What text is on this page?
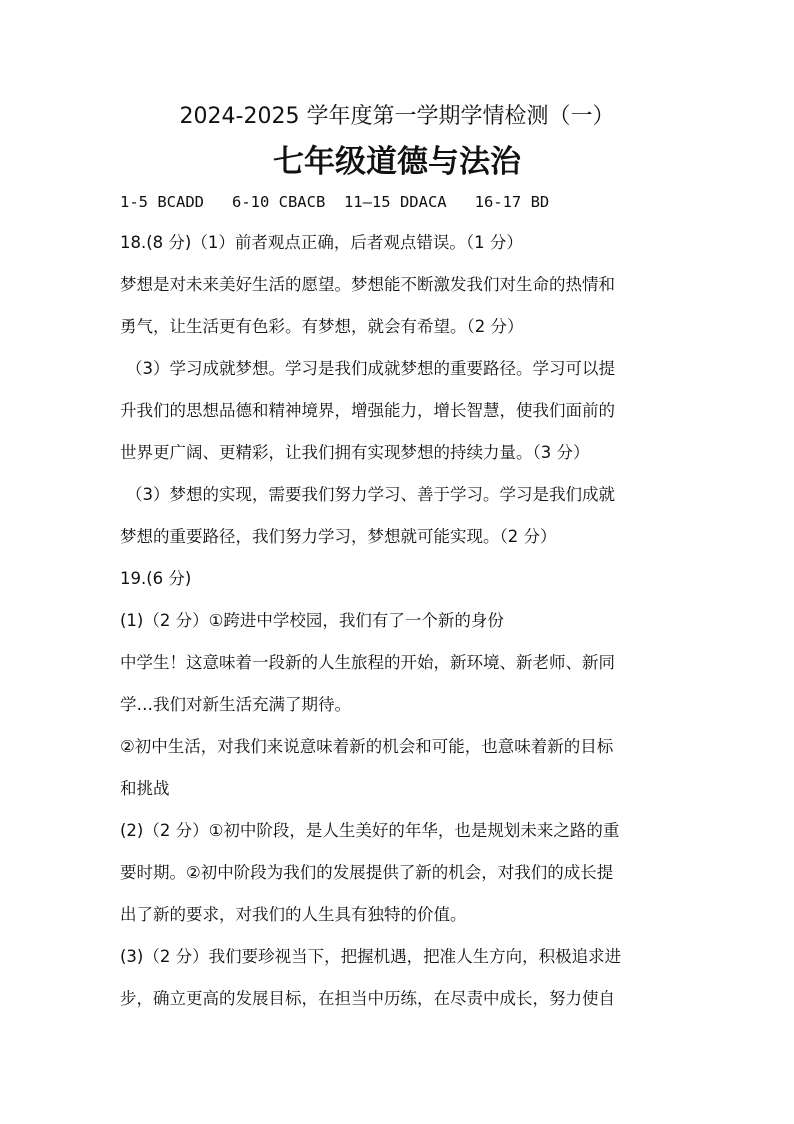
2024-2025 学年度第一学期学情检测（一）
七年级道德与法治
1-5 BCADD   6-10 CBACB  11—15 DDACA   16-17 BD
18.(8 分)（1）前者观点正确，后者观点错误。（1 分）
梦想是对未来美好生活的愿望。梦想能不断激发我们对生命的热情和
勇气，让生活更有色彩。有梦想，就会有希望。（2 分）
（3）学习成就梦想。学习是我们成就梦想的重要路径。学习可以提
升我们的思想品德和精神境界，增强能力，增长智慧，使我们面前的
世界更广阔、更精彩，让我们拥有实现梦想的持续力量。（3 分）
（3）梦想的实现，需要我们努力学习、善于学习。学习是我们成就
梦想的重要路径，我们努力学习，梦想就可能实现。（2 分）
19.(6 分)
(1)（2 分）①跨进中学校园，我们有了一个新的身份
中学生！这意味着一段新的人生旅程的开始，新环境、新老师、新同
学…我们对新生活充满了期待。
②初中生活，对我们来说意味着新的机会和可能，也意味着新的目标
和挑战
(2)（2 分）①初中阶段，是人生美好的年华，也是规划未来之路的重
要时期。②初中阶段为我们的发展提供了新的机会，对我们的成长提
出了新的要求，对我们的人生具有独特的价值。
(3)（2 分）我们要珍视当下，把握机遇，把准人生方向，积极追求进
步，确立更高的发展目标，在担当中历练，在尽责中成长，努力使自
